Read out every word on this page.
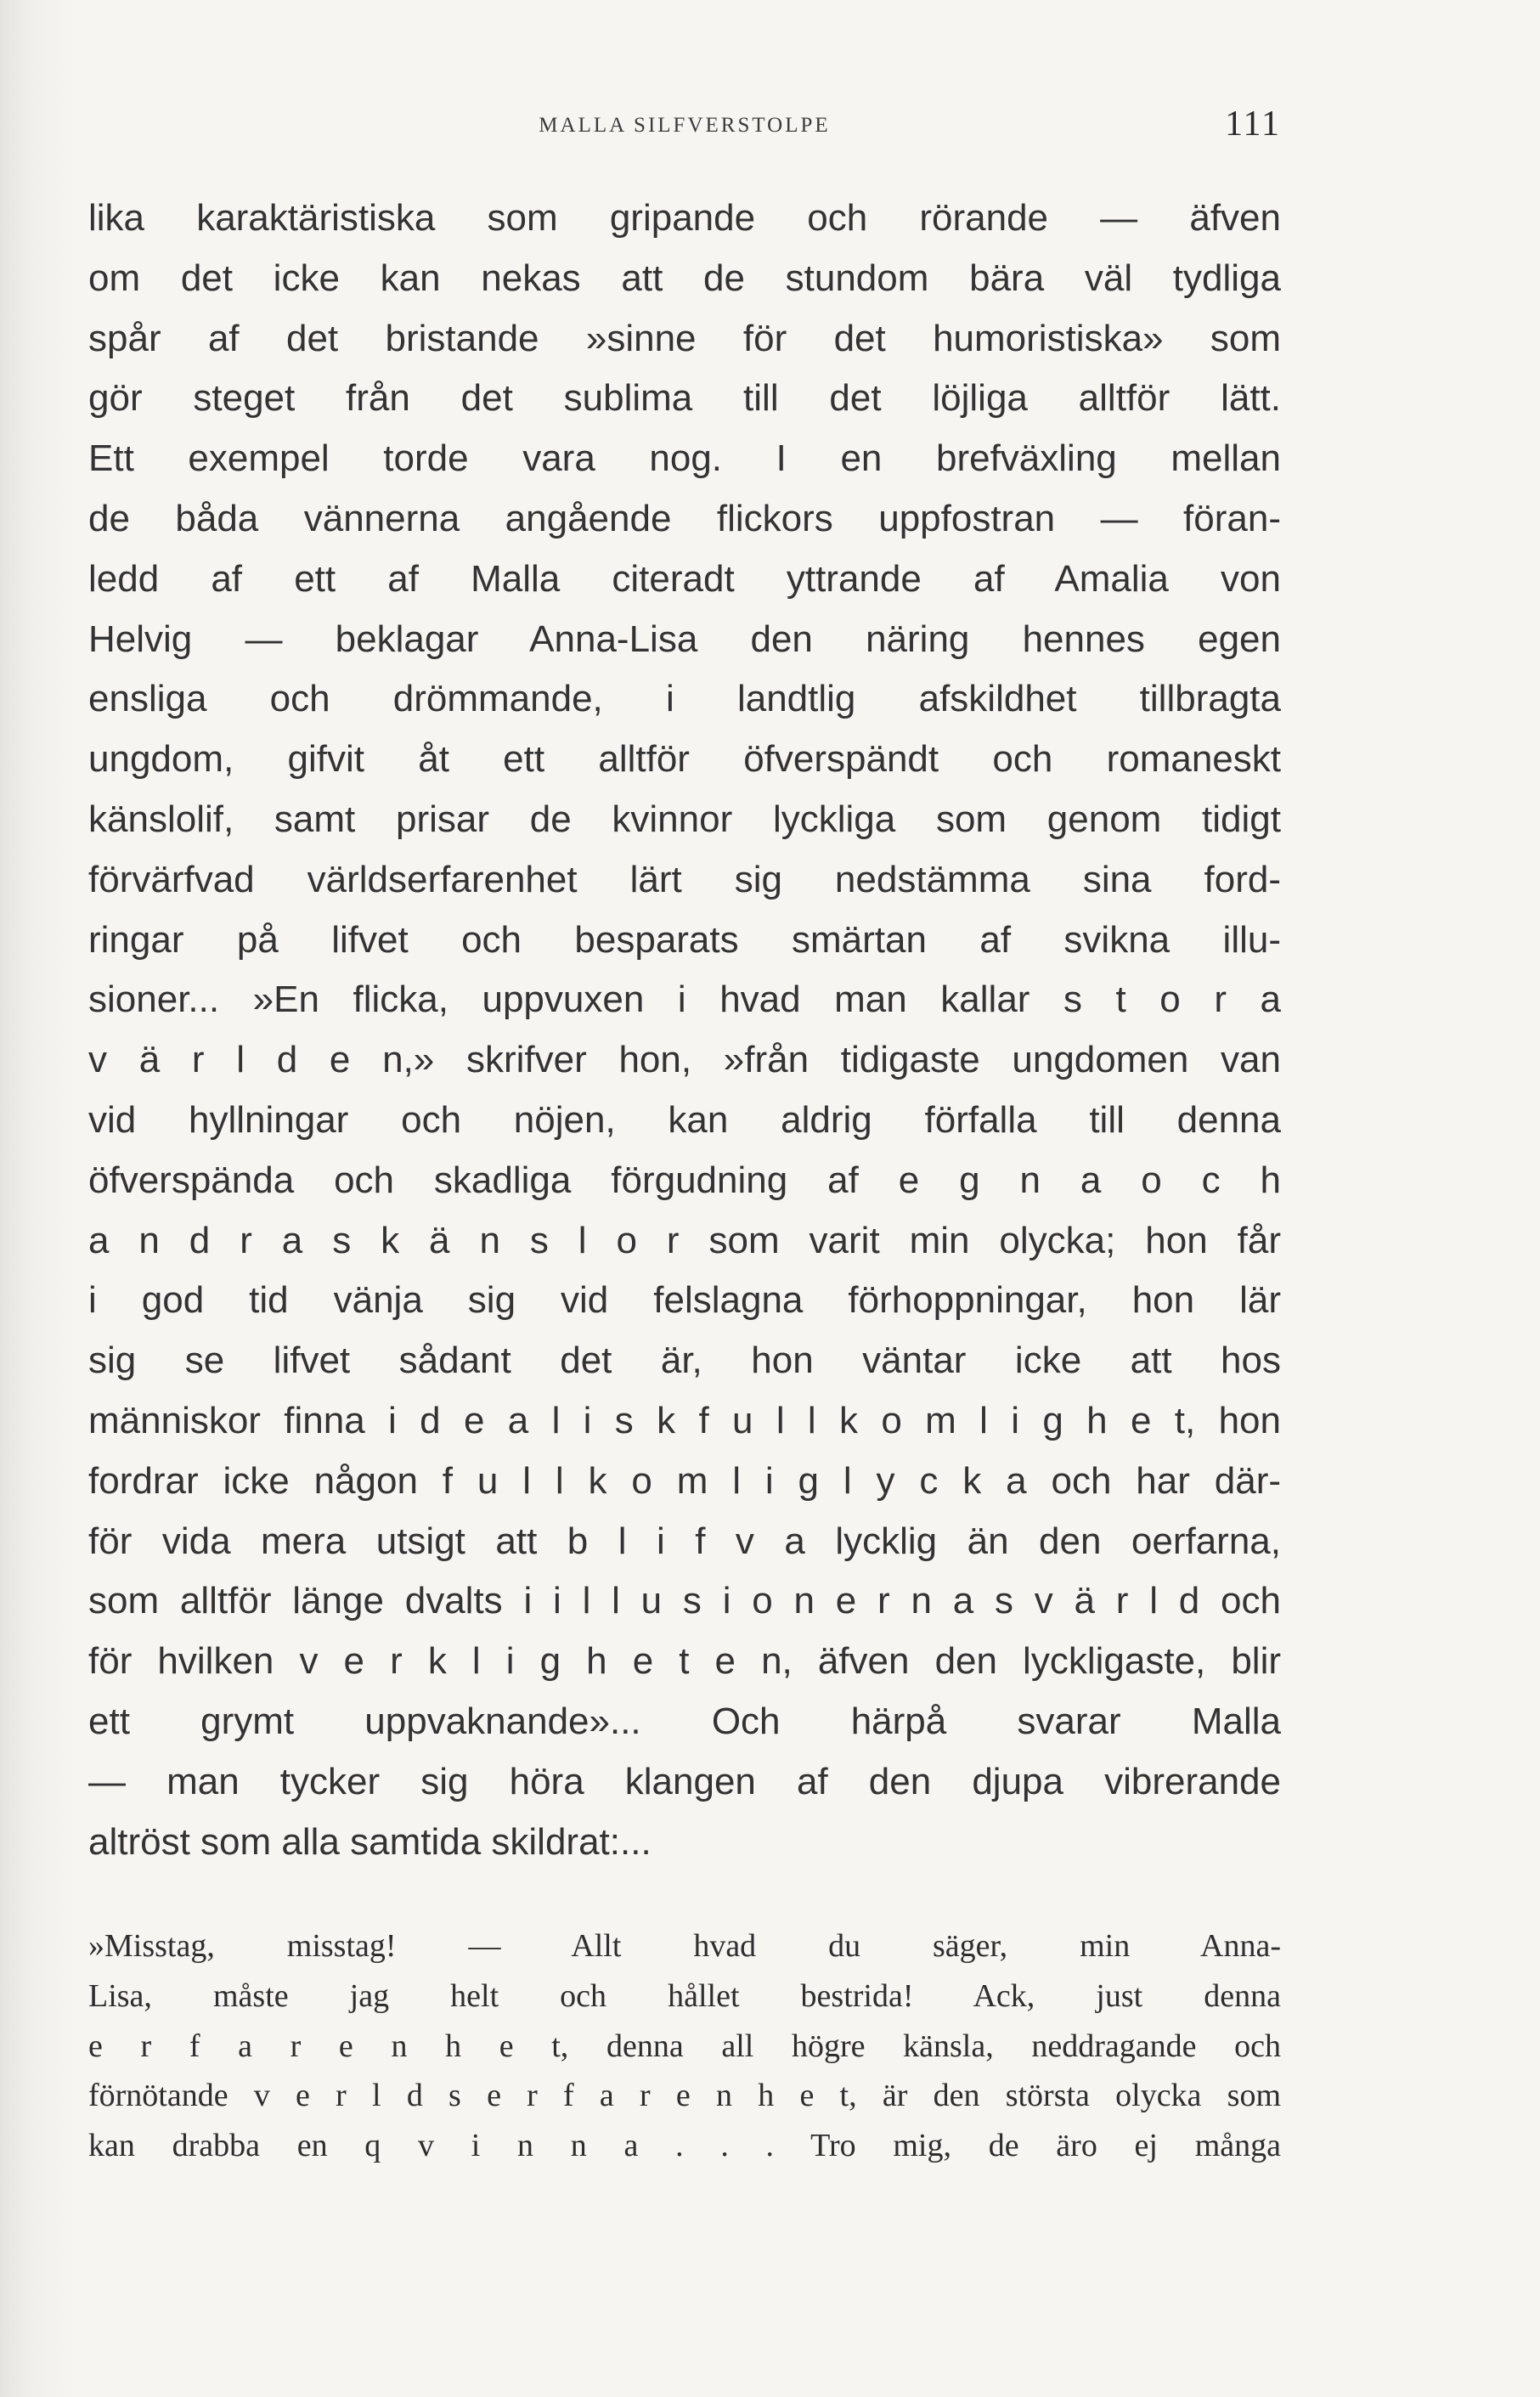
MALLA SILFVERSTOLPE	111
lika karaktäristiska som gripande och rörande — äfven
om det icke kan nekas att de stundom bära väl tydliga
spår af det bristande »sinne för det humoristiska» som
gör steget från det sublima till det löjliga alltför lätt.
Ett exempel torde vara nog. I en brefväxling mellan
de båda vännerna angående flickors uppfostran — föran-
ledd af ett af Malla citeradt yttrande af Amalia von
Helvig — beklagar Anna-Lisa den näring hennes egen
ensliga och drömmande, i landtlig afskildhet tillbragta
ungdom, gifvit åt ett alltför öfverspändt och romaneskt
känslolif, samt prisar de kvinnor lyckliga som genom tidigt
förvärfvad världserfarenhet lärt sig nedstämma sina ford-
ringar på lifvet och besparats smärtan af svikna illu-
sioner... »En flicka, uppvuxen i hvad man kallar s t o r a
v ä r l d e n,» skrifver hon, »från tidigaste ungdomen van
vid hyllningar och nöjen, kan aldrig förfalla till denna
öfverspända och skadliga förgudning af e g n a o c h
a n d r a s k ä n s l o r som varit min olycka; hon får
i god tid vänja sig vid felslagna förhoppningar, hon lär
sig se lifvet sådant det är, hon väntar icke att hos
människor finna i d e a l i s k f u l l k o m l i g h e t, hon
fordrar icke någon f u l l k o m l i g l y c k a och har där-
för vida mera utsigt att b l i f v a lycklig än den oerfarna,
som alltför länge dvalts i i l l u s i o n e r n a s v ä r l d och
för hvilken v e r k l i g h e t e n, äfven den lyckligaste, blir
ett grymt uppvaknande»... Och härpå svarar Malla
— man tycker sig höra klangen af den djupa vibrerande
altröst som alla samtida skildrat:...
»Misstag, misstag! — Allt hvad du säger, min Anna-
Lisa, måste jag helt och hållet bestrida! Ack, just denna
e r f a r e n h e t, denna all högre känsla, neddragande och
förnötande v e r l d s e r f a r e n h e t, är den största olycka som
kan drabba en q v i n n a . . . Tro mig, de äro ej många
